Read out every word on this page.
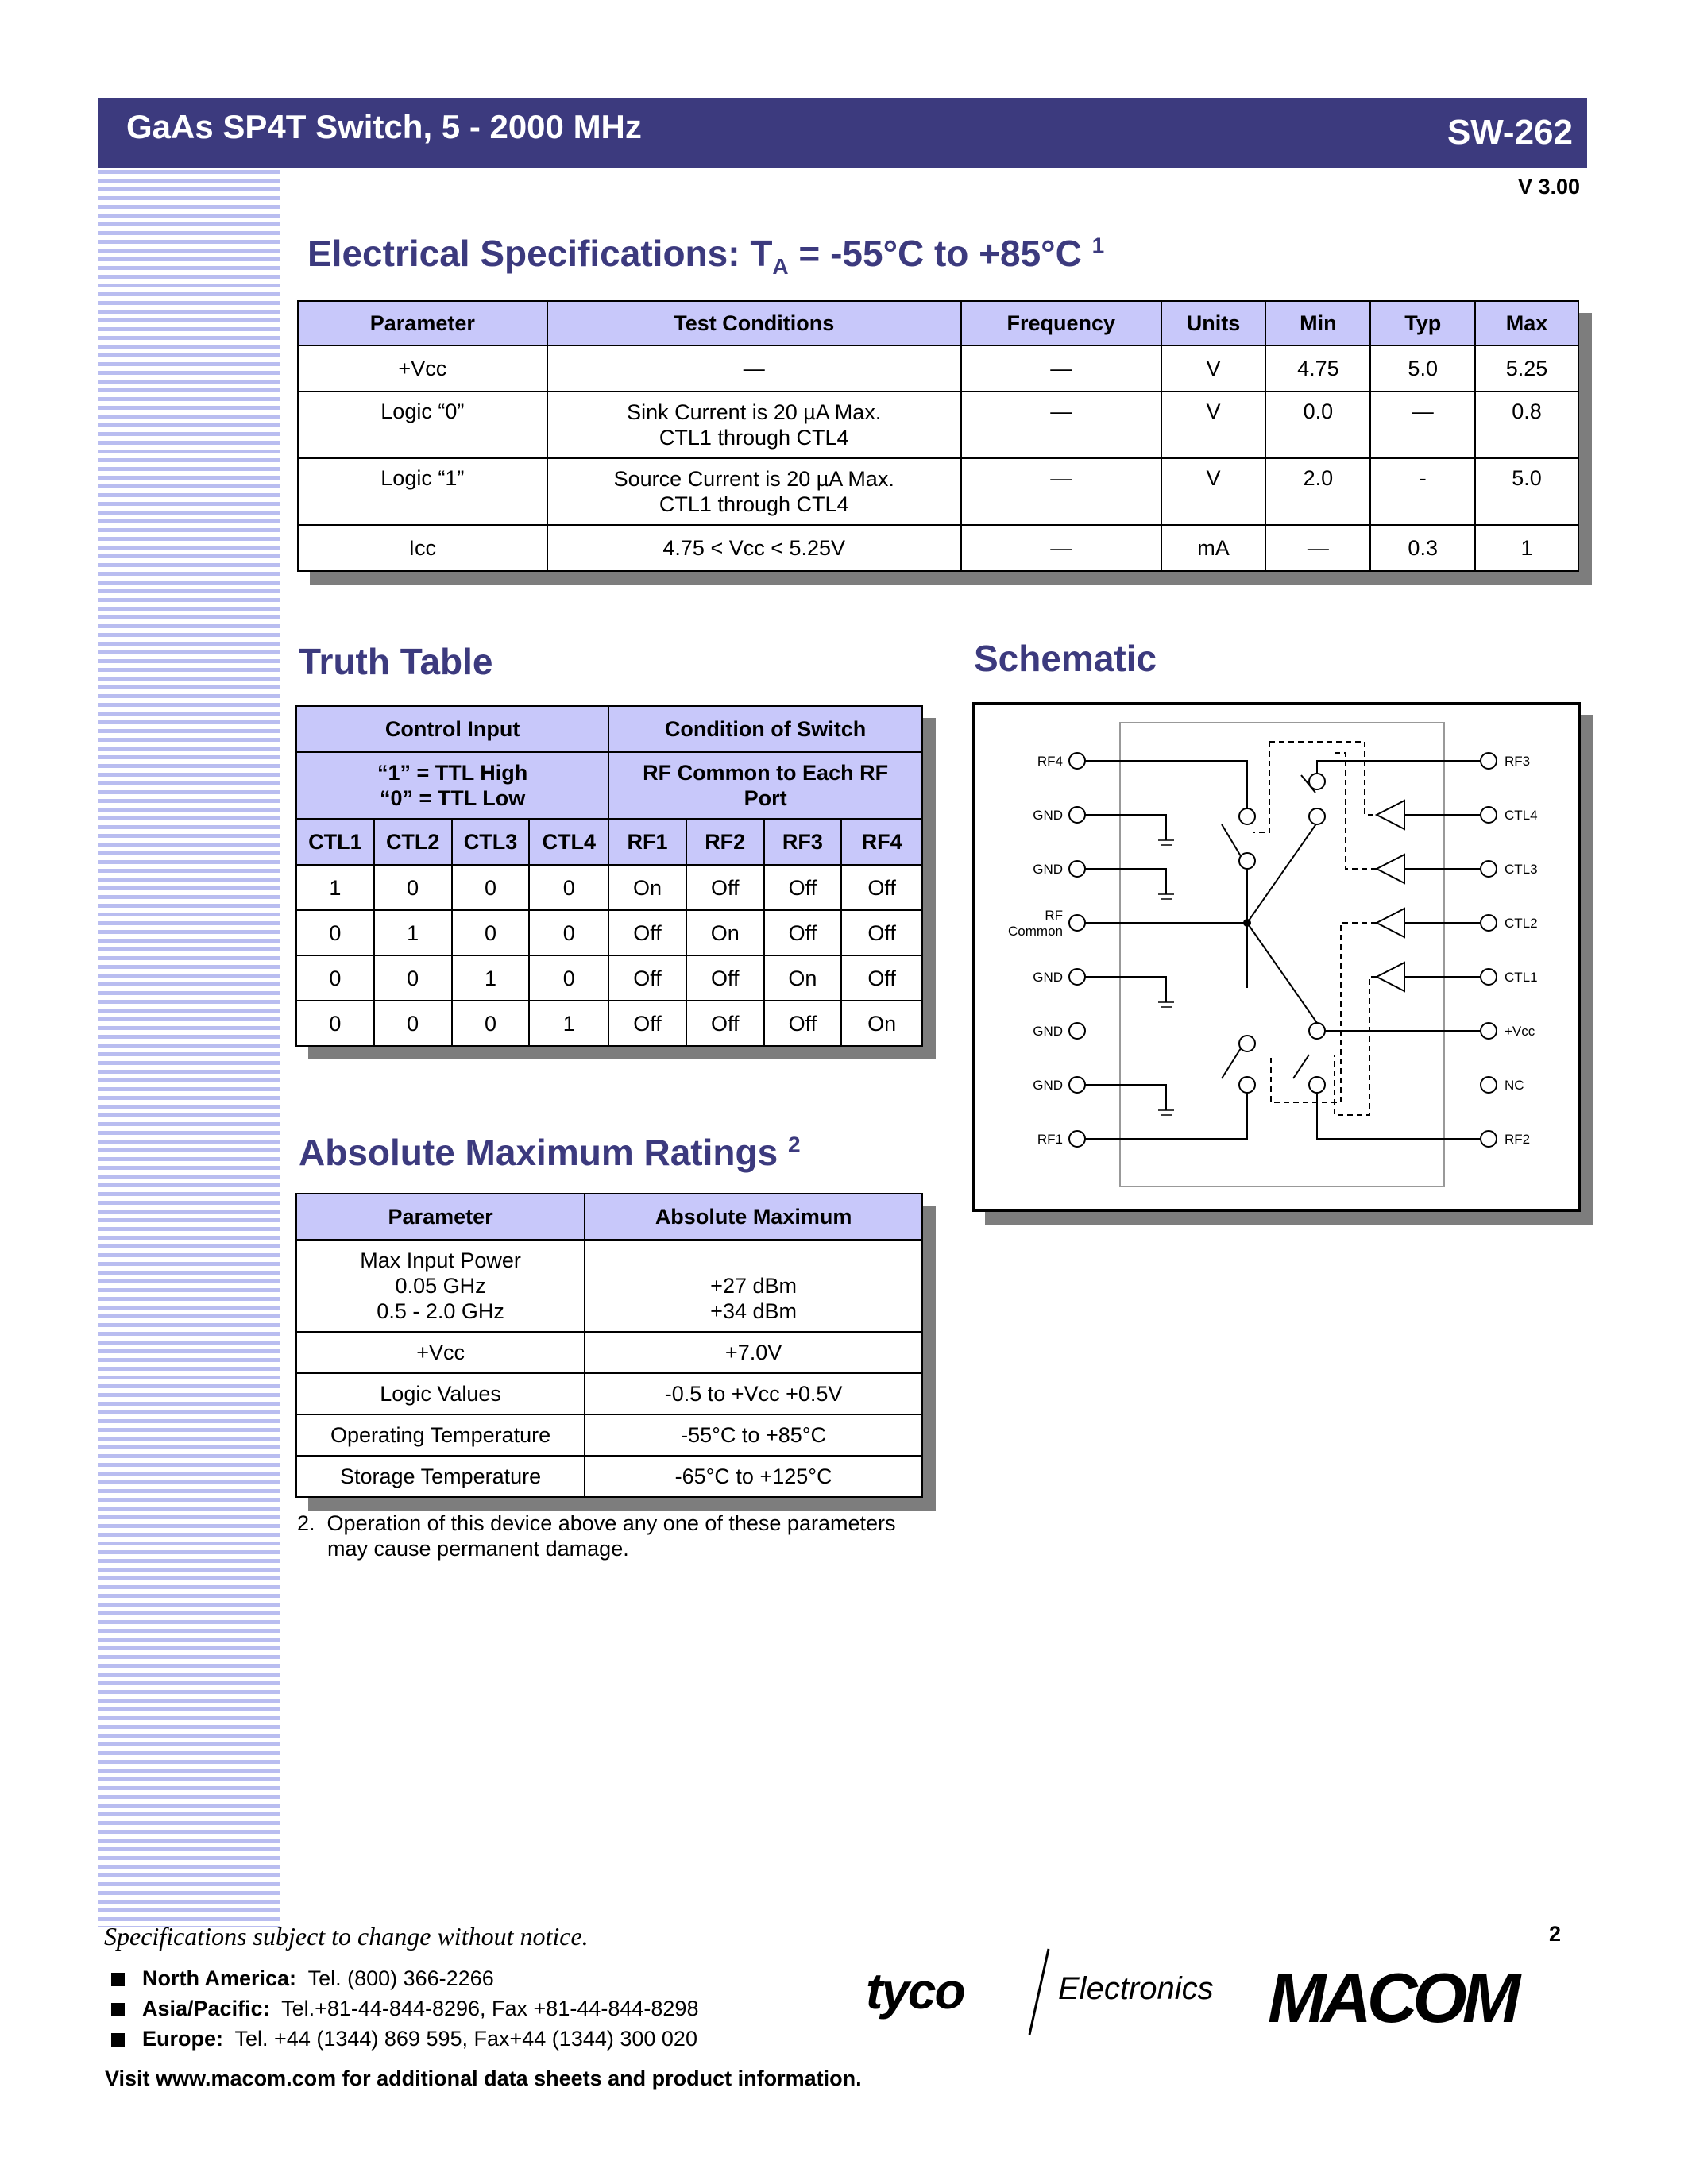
GaAs SP4T Switch, 5 - 2000 MHz	SW-262
V 3.00
Electrical Specifications: $T_A = -55^\circ C$ to +85°C $^1$
Parameter	Test Conditions	Frequency	Units	Min	Typ	Max
+Vcc	—	—	V	4.75	5.0	5.25
Logic “0”	Sink Current is 20 µA Max.
CTL1 through CTL4	—	V	0.0	—	0.8
Logic “1”	Source Current is 20 µA Max.
CTL1 through CTL4	—	V	2.0	-	5.0
Icc	4.75 < Vcc < 5.25V	—	mA	—	0.3	1
Truth Table
Control Input				Condition of Switch			
“1” = TTL High
“0” = TTL Low				RF Common to Each RF
Port			
CTL1	CTL2	CTL3	CTL4	RF1	RF2	RF3	RF4
1	0	0	0	On	Off	Off	Off
0	1	0	0	Off	On	Off	Off
0	0	1	0	Off	Off	On	Off
0	0	0	1	Off	Off	Off	On
Schematic
RF4
GND
GND
RF
Common
GND
GND
GND
RF1
RF3
CTL4
CTL3
CTL2
CTL1
+Vcc
NC
RF2
Absolute Maximum Ratings $^2$
Parameter	Absolute Maximum
Max Input Power
0.05 GHz
0.5 - 2.0 GHz	+27 dBm
+34 dBm
+Vcc	+7.0V
Logic Values	-0.5 to +Vcc +0.5V
Operating Temperature	-55°C to +85°C
Storage Temperature	-65°C to +125°C
2. Operation of this device above any one of these parameters
may cause permanent damage.
Specifications subject to change without notice.	2
North America: Tel. (800) 366-2266
Asia/Pacific: Tel.+81-44-844-8296, Fax +81-44-844-8298
Europe: Tel. +44 (1344) 869 595, Fax+44 (1344) 300 020
Visit www.macom.com for additional data sheets and product information.
tyco	Electronics MACOM
